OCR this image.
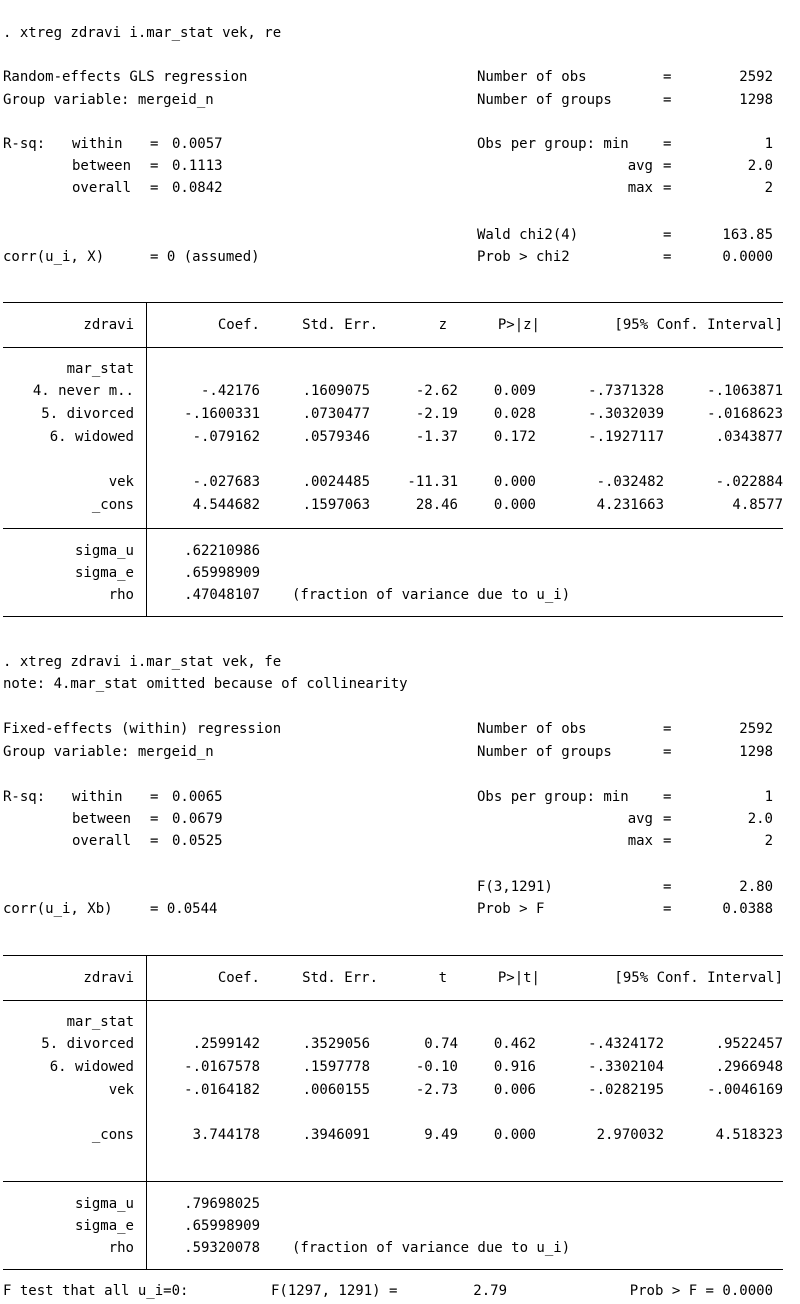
. xtreg zdravi i.mar_stat vek, re
Random-effects GLS regression	Number of obs	=	2592
Group variable: mergeid_n	Number of groups	=	1298
R-sq: within = 0.0057	Obs per group: min =	1
between = 0.1113	avg =	2.0
overall = 0.0842	max =	2
Wald chi2(4)	=	163.85
corr(u_i, X)	= 0 (assumed)	Prob > chi2	=	0.0000
zdravi	Coef.	Std. Err.	z	P>|z|	[95% Conf. Interval]
mar_stat
4. never m..	-.42176	.1609075	-2.62	0.009	-.7371328	-.1063871
5. divorced	-.1600331	.0730477	-2.19	0.028	-.3032039	-.0168623
6. widowed	-.079162	.0579346	-1.37	0.172	-.1927117	.0343877
vek	-.027683	.0024485	-11.31	0.000	-.032482	-.022884
_cons	4.544682	.1597063	28.46	0.000	4.231663	4.8577
sigma_u	.62210986
sigma_e	.65998909
rho	.47048107 (fraction of variance due to u_i)
. xtreg zdravi i.mar_stat vek, fe
note: 4.mar_stat omitted because of collinearity
Fixed-effects (within) regression	Number of obs	=	2592
Group variable: mergeid_n	Number of groups	=	1298
R-sq: within = 0.0065	Obs per group: min =	1
between = 0.0679	avg =	2.0
overall = 0.0525	max =	2
F(3,1291)	=	2.80
corr(u_i, Xb)	= 0.0544	Prob > F	=	0.0388
zdravi	Coef.	Std. Err.	t	P>|t|	[95% Conf. Interval]
mar_stat
5. divorced	.2599142	.3529056	0.74	0.462	-.4324172	.9522457
6. widowed	-.0167578	.1597778	-0.10	0.916	-.3302104	.2966948
vek	-.0164182	.0060155	-2.73	0.006	-.0282195	-.0046169
_cons	3.744178	.3946091	9.49	0.000	2.970032	4.518323
sigma_u	.79698025
sigma_e	.65998909
rho	.59320078 (fraction of variance due to u_i)
F test that all u_i=0:	F(1297, 1291) =	2.79	Prob > F = 0.0000
